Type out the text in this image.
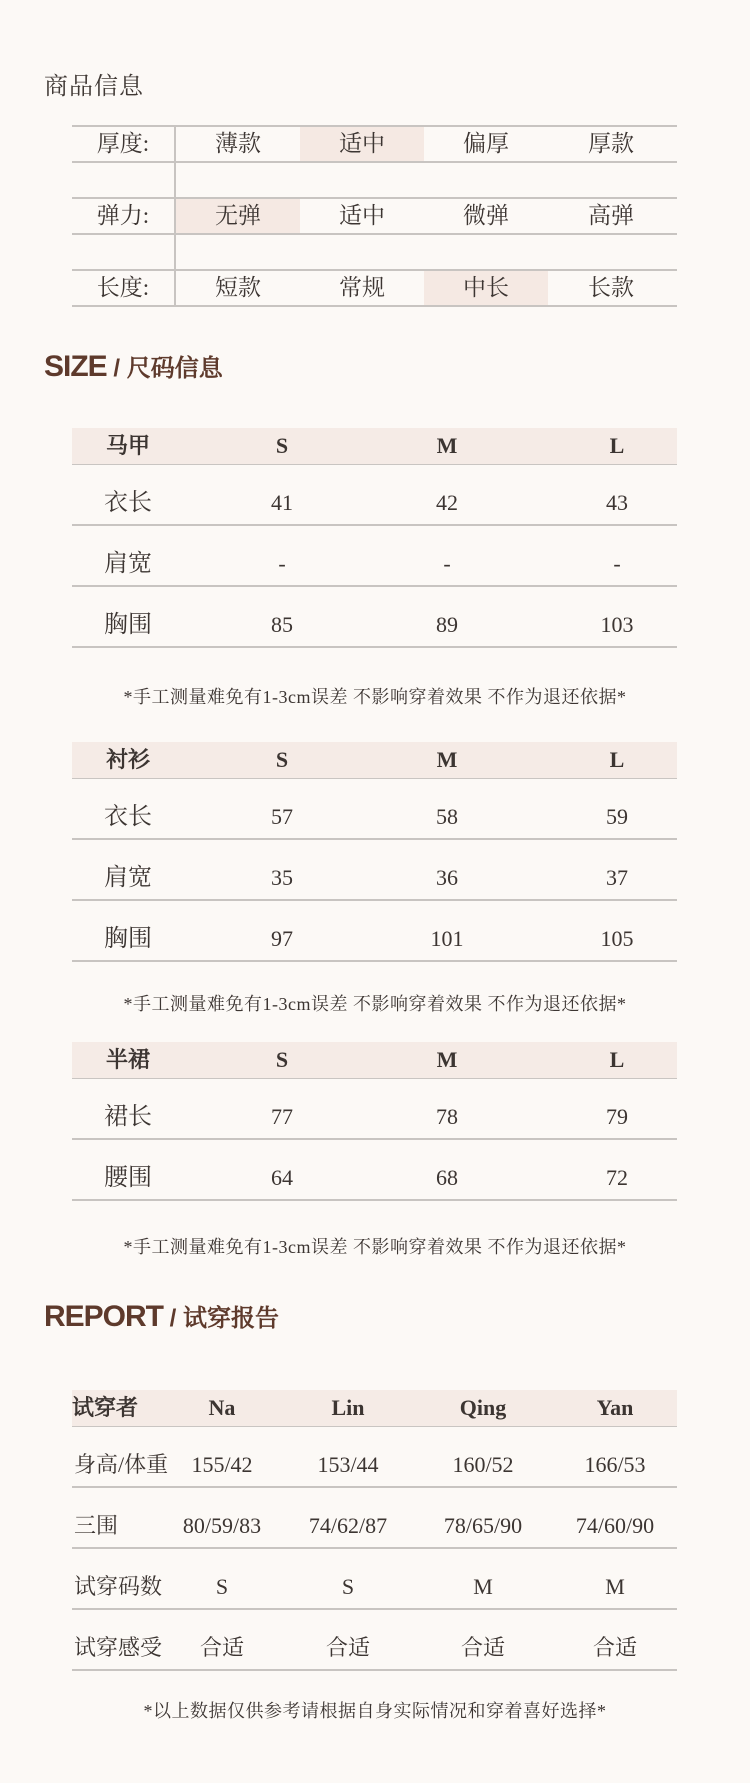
商品信息
厚度:	薄款	适中	偏厚	厚款
弹力:	无弹	适中	微弹	高弹
长度:	短款	常规	中长	长款
SIZE / 尺码信息
马甲	S	M	L
衣长	41	42	43
肩宽	-	-	-
胸围	85	89	103
*手工测量难免有1-3cm误差 不影响穿着效果 不作为退还依据*
衬衫	S	M	L
衣长	57	58	59
肩宽	35	36	37
胸围	97	101	105
*手工测量难免有1-3cm误差 不影响穿着效果 不作为退还依据*
半裙	S	M	L
裙长	77	78	79
腰围	64	68	72
*手工测量难免有1-3cm误差 不影响穿着效果 不作为退还依据*
REPORT / 试穿报告
试穿者	Na	Lin	Qing	Yan
身高/体重	155/42	153/44	160/52	166/53
三围	80/59/83	74/62/87	78/65/90	74/60/90
试穿码数	S	S	M	M
试穿感受	合适	合适	合适	合适
*以上数据仅供参考请根据自身实际情况和穿着喜好选择*
